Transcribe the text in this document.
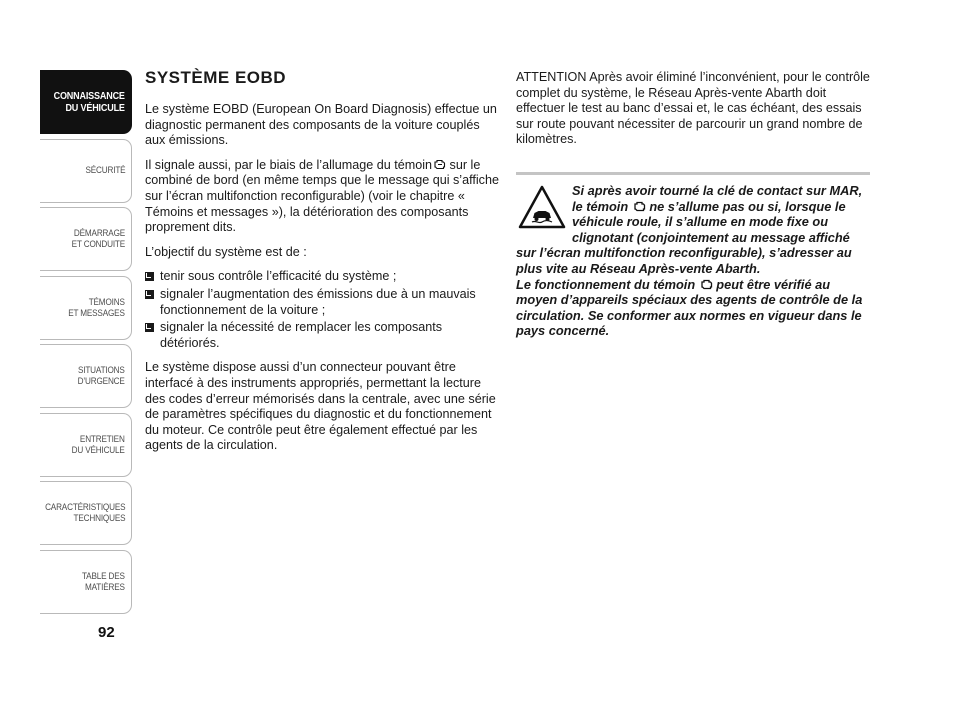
CONNAISSANCE
DU VÉHICULE
SÉCURITÉ
DÉMARRAGE
ET CONDUITE
TÉMOINS
ET MESSAGES
SITUATIONS
D’URGENCE
ENTRETIEN
DU VÉHICULE
CARACTÉRISTIQUES
TECHNIQUES
TABLE DES
MATIÈRES
92
SYSTÈME EOBD

Le système EOBD (European On Board Diagnosis) effectue un diagnostic permanent des composants de la voiture couplés aux émissions.

Il signale aussi, par le biais de l’allumage du témoin sur le combiné de bord (en même temps que le message qui s’affiche sur l’écran multifonction reconfigurable) (voir le chapitre « Témoins et messages »), la détérioration des composants proprement dits.

L’objectif du système est de :

tenir sous contrôle l’efficacité du système ;
signaler l’augmentation des émissions due à un mauvais fonctionnement de la voiture ;
signaler la nécessité de remplacer les composants détériorés.

Le système dispose aussi d’un connecteur pouvant être interfacé à des instruments appropriés, permettant la lecture des codes d’erreur mémorisés dans la centrale, avec une série de paramètres spécifiques du diagnostic et du fonctionnement du moteur. Ce contrôle peut être également effectué par les agents de la circulation.

ATTENTION Après avoir éliminé l’inconvénient, pour le contrôle complet du système, le Réseau Après-vente Abarth doit effectuer le test au banc d’essai et, le cas échéant, des essais sur route pouvant nécessiter de parcourir un grand nombre de kilomètres.

Si après avoir tourné la clé de contact sur MAR, le témoin ne s’allume pas ou si, lorsque le véhicule roule, il s’allume en mode fixe ou clignotant (conjointement au message affiché sur l’écran multifonction reconfigurable), s’adresser au plus vite au Réseau Après-vente Abarth.
Le fonctionnement du témoin peut être vérifié au moyen d’appareils spéciaux des agents de contrôle de la circulation. Se conformer aux normes en vigueur dans le pays concerné.
